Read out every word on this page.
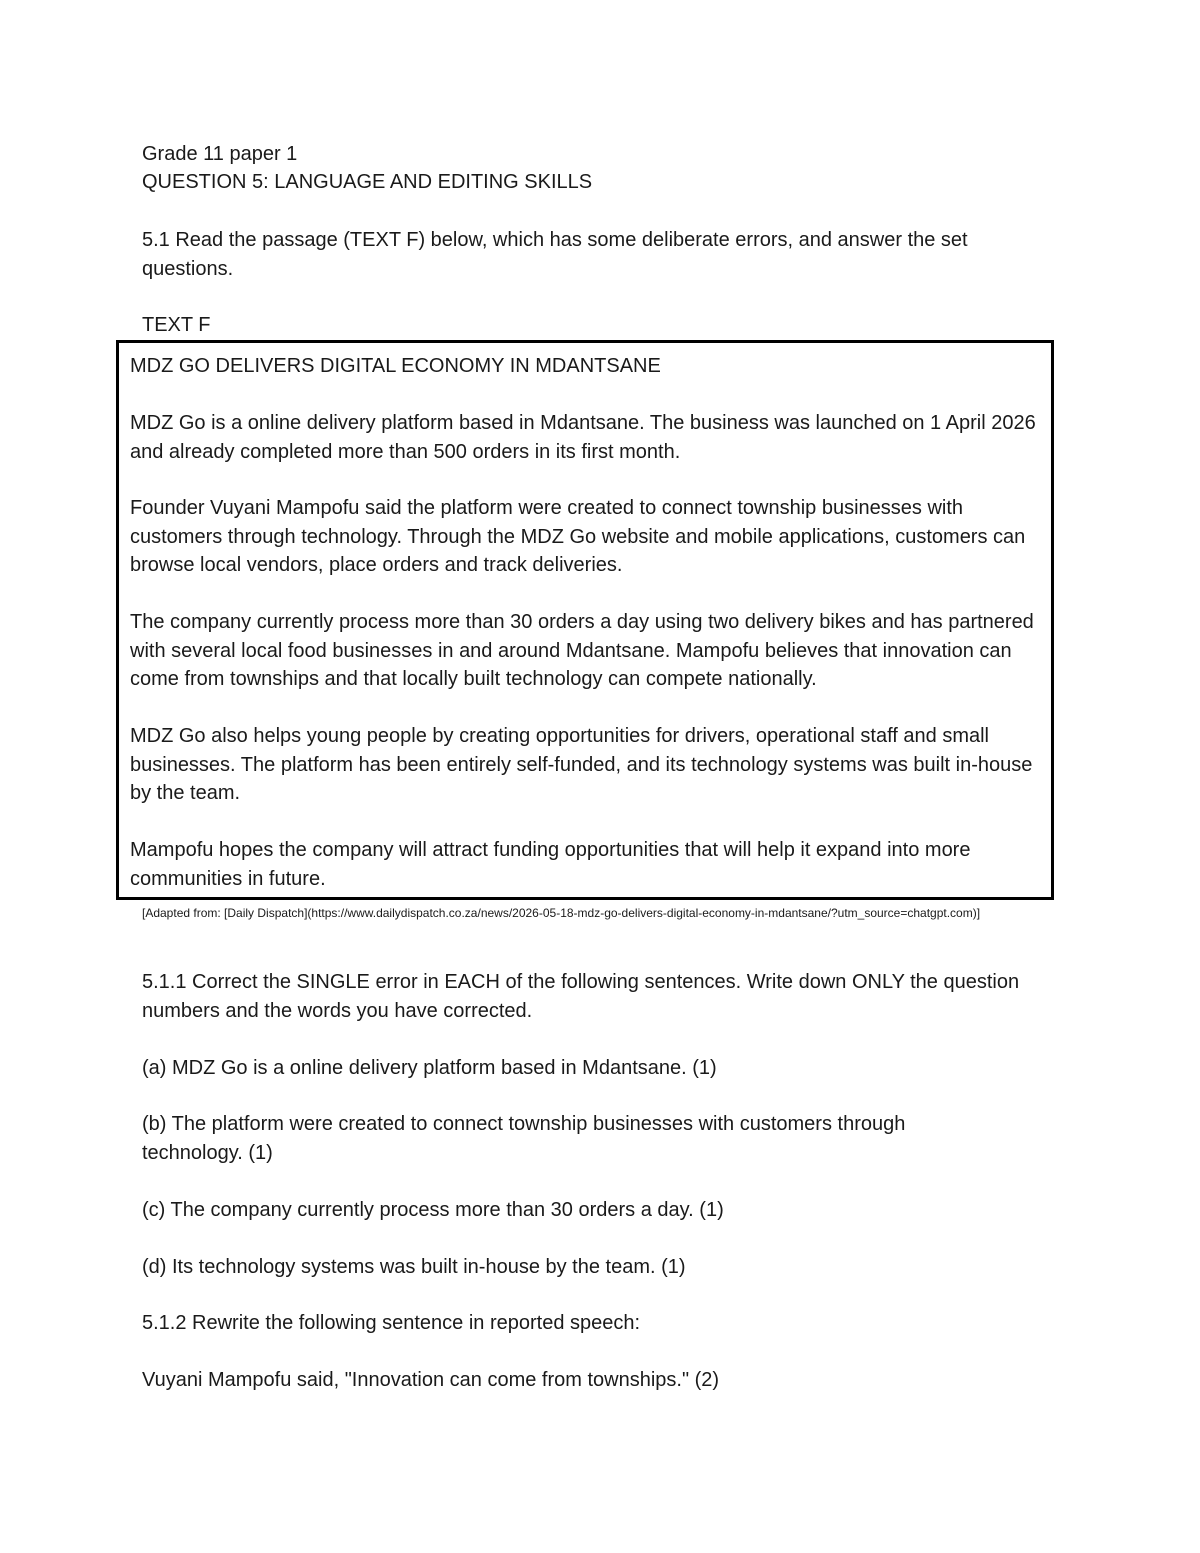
Grade 11 paper 1
QUESTION 5: LANGUAGE AND EDITING SKILLS
5.1 Read the passage (TEXT F) below, which has some deliberate errors, and answer the set questions.
TEXT F
MDZ GO DELIVERS DIGITAL ECONOMY IN MDANTSANE
MDZ Go is a online delivery platform based in Mdantsane. The business was launched on 1 April 2026 and already completed more than 500 orders in its first month.
Founder Vuyani Mampofu said the platform were created to connect township businesses with customers through technology. Through the MDZ Go website and mobile applications, customers can browse local vendors, place orders and track deliveries.
The company currently process more than 30 orders a day using two delivery bikes and has partnered with several local food businesses in and around Mdantsane. Mampofu believes that innovation can come from townships and that locally built technology can compete nationally.
MDZ Go also helps young people by creating opportunities for drivers, operational staff and small businesses. The platform has been entirely self-funded, and its technology systems was built in-house by the team.
Mampofu hopes the company will attract funding opportunities that will help it expand into more communities in future.
[Adapted from: [Daily Dispatch](https://www.dailydispatch.co.za/news/2026-05-18-mdz-go-delivers-digital-economy-in-mdantsane/?utm_source=chatgpt.com)]
5.1.1 Correct the SINGLE error in EACH of the following sentences. Write down ONLY the question numbers and the words you have corrected.
(a) MDZ Go is a online delivery platform based in Mdantsane. (1)
(b) The platform were created to connect township businesses with customers through technology. (1)
(c) The company currently process more than 30 orders a day. (1)
(d) Its technology systems was built in-house by the team. (1)
5.1.2 Rewrite the following sentence in reported speech:
Vuyani Mampofu said, "Innovation can come from townships." (2)
